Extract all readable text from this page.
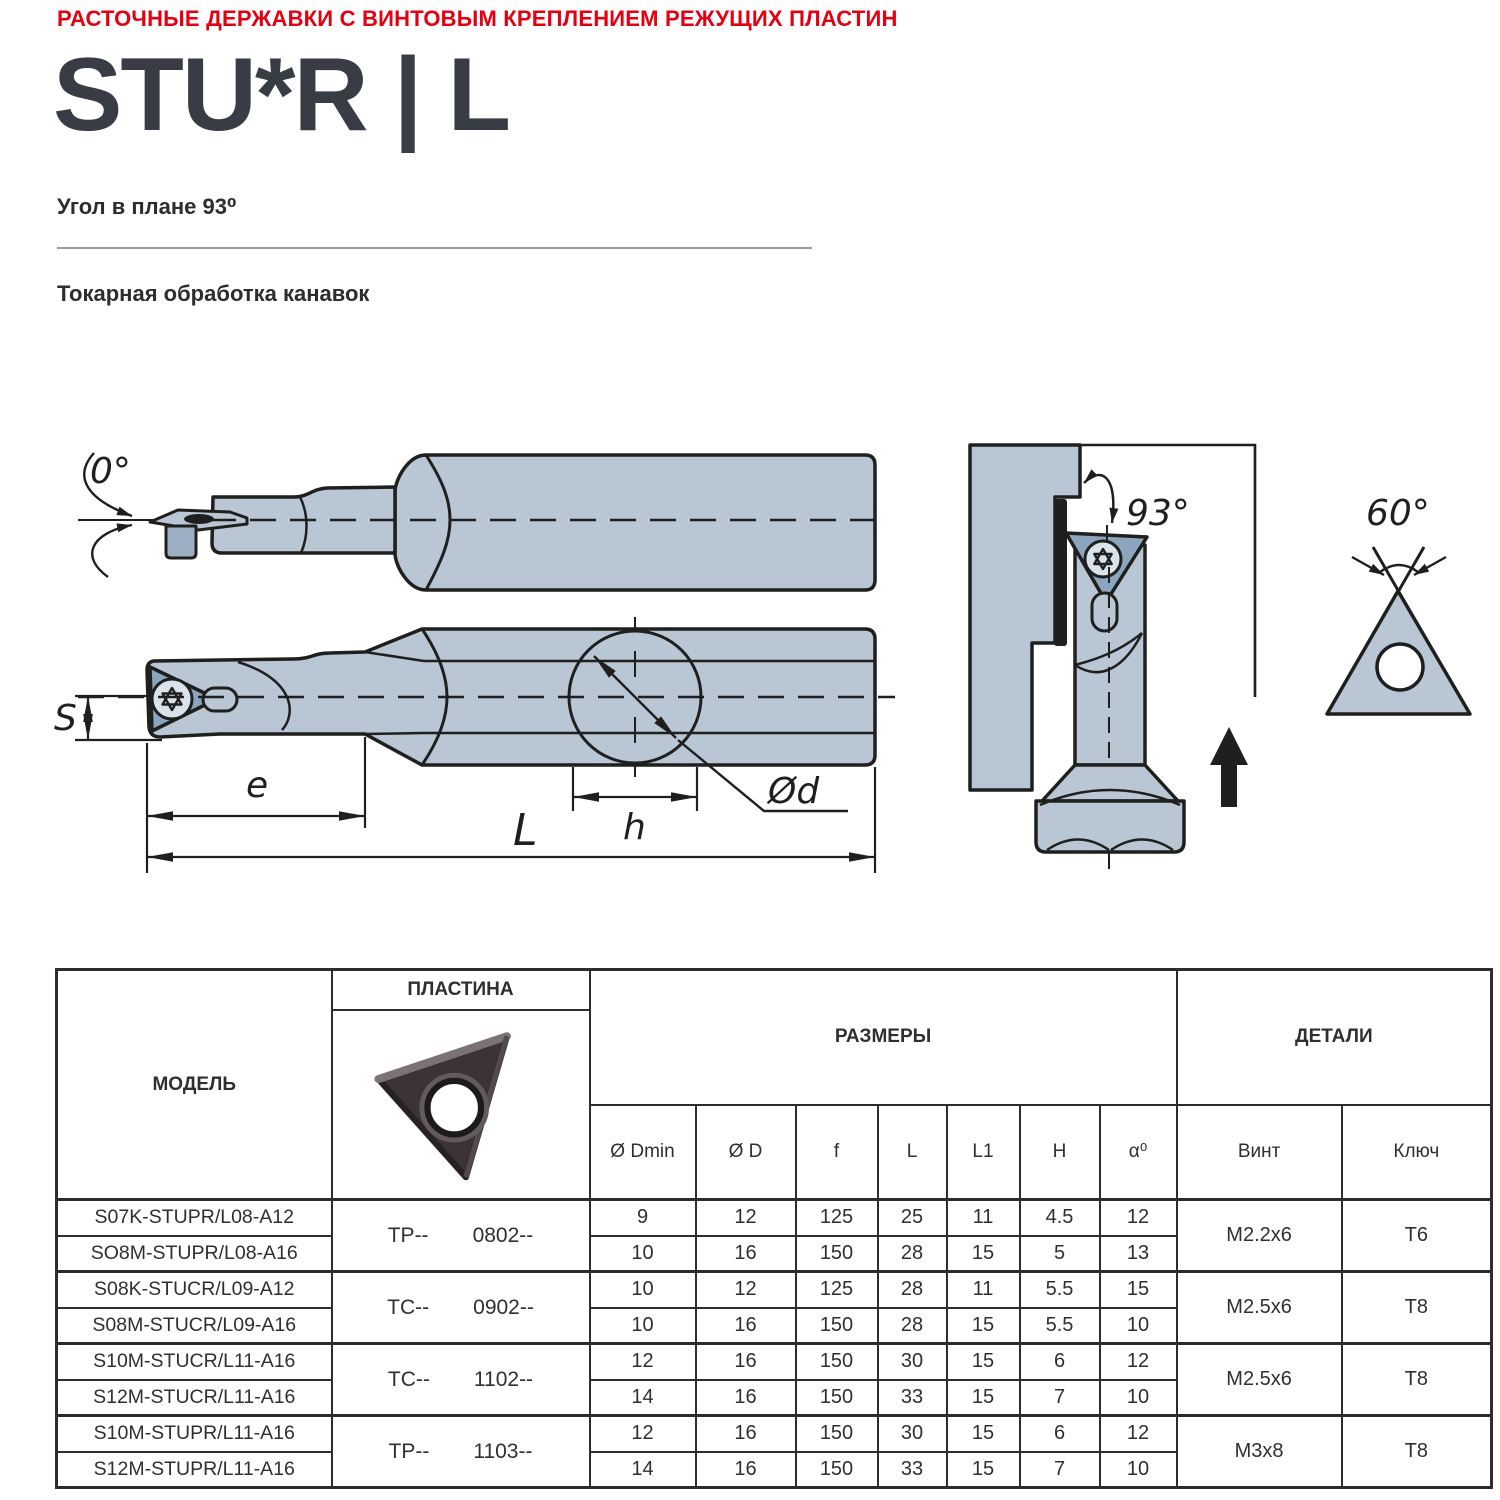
РАСТОЧНЫЕ ДЕРЖАВКИ С ВИНТОВЫМ КРЕПЛЕНИЕМ РЕЖУЩИХ ПЛАСТИН
STU*R | L
Угол в плане 93⁰
Токарная обработка канавок
0°
Ød
h
S
e
L
93°	60°
МОДЕЛЬ	ПЛАСТИНА	РАЗМЕРЫ							ДЕТАЛИ	

		Ø Dmin	Ø D	f	L	L1	H	α⁰	Винт	Ключ
S07K-STUPR/L08-A12	TP-- 0802--	9	12	125	25	11	4.5	12	M2.2x6	T6
SO8M-STUPR/L08-A16		10	16	150	28	15	5	13		
S08K-STUCR/L09-A12	TC-- 0902--	10	12	125	28	11	5.5	15	M2.5x6	T8
S08M-STUCR/L09-A16		10	16	150	28	15	5.5	10		
S10M-STUCR/L11-A16	TC-- 1102--	12	16	150	30	15	6	12	M2.5x6	T8
S12M-STUCR/L11-A16		14	16	150	33	15	7	10		
S10M-STUPR/L11-A16	TP-- 1103--	12	16	150	30	15	6	12	M3x8	T8
S12M-STUPR/L11-A16		14	16	150	33	15	7	10		
